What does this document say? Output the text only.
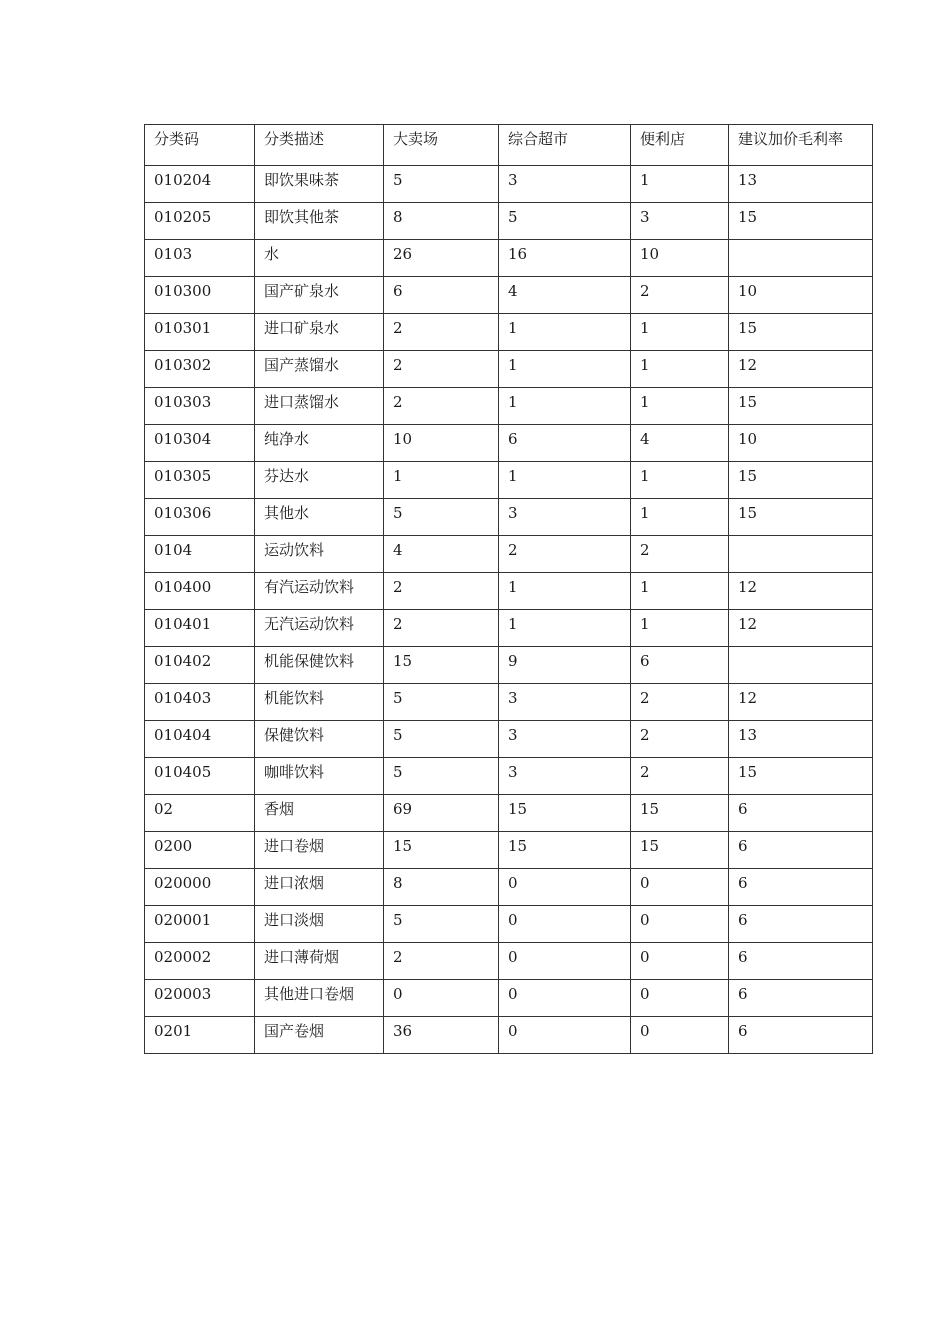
分类码	分类描述	大卖场	综合超市	便利店	建议加价毛利率
010204	即饮果味茶	5	3	1	13
010205	即饮其他茶	8	5	3	15
0103	水	26	16	10	
010300	国产矿泉水	6	4	2	10
010301	进口矿泉水	2	1	1	15
010302	国产蒸馏水	2	1	1	12
010303	进口蒸馏水	2	1	1	15
010304	纯净水	10	6	4	10
010305	芬达水	1	1	1	15
010306	其他水	5	3	1	15
0104	运动饮料	4	2	2	
010400	有汽运动饮料	2	1	1	12
010401	无汽运动饮料	2	1	1	12
010402	机能保健饮料	15	9	6	
010403	机能饮料	5	3	2	12
010404	保健饮料	5	3	2	13
010405	咖啡饮料	5	3	2	15
02	香烟	69	15	15	6
0200	进口卷烟	15	15	15	6
020000	进口浓烟	8	0	0	6
020001	进口淡烟	5	0	0	6
020002	进口薄荷烟	2	0	0	6
020003	其他进口卷烟	0	0	0	6
0201	国产卷烟	36	0	0	6
